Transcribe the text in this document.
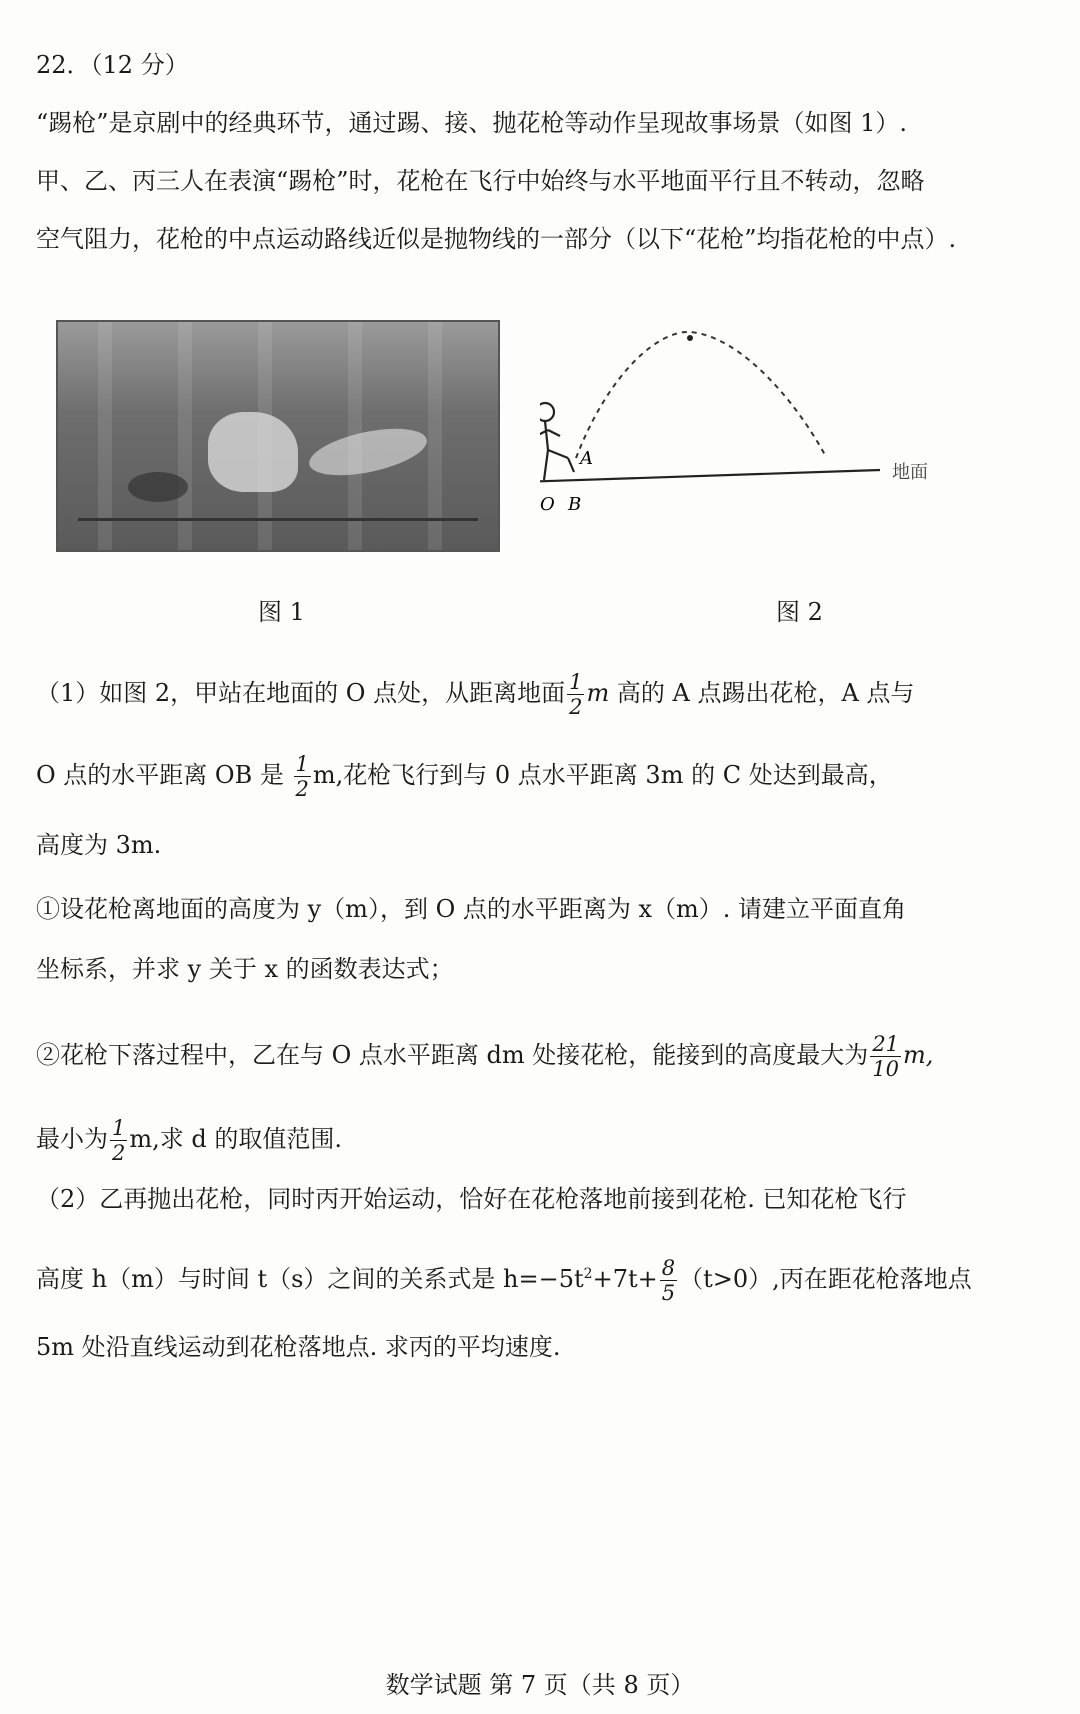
22．（12 分）
“踢枪”是京剧中的经典环节，通过踢、接、抛花枪等动作呈现故事场景（如图 1）.
甲、乙、丙三人在表演“踢枪”时，花枪在飞行中始终与水平地面平行且不转动，忽略
空气阻力，花枪的中点运动路线近似是抛物线的一部分（以下“花枪”均指花枪的中点）.
A
O B
地面
图 1	图 2
（1）如图 2，甲站在地面的 O 点处，从距离地面 $\frac{1}{2}$ m 高的 A 点踢出花枪，A 点与
O 点的水平距离 OB 是 $\frac{1}{2} m$,花枪飞行到与 0 点水平距离 3m 的 C 处达到最高，
高度为 3m.
①设花枪离地面的高度为 y（m），到 O 点的水平距离为 x（m）. 请建立平面直角
坐标系，并求 y 关于 x 的函数表达式；
②花枪下落过程中，乙在与 O 点水平距离 dm 处接花枪，能接到的高度最大为 $\frac{21}{10} m$,
最小为 $\frac{1}{2} m$,求 d 的取值范围.
（2）乙再抛出花枪，同时丙开始运动，恰好在花枪落地前接到花枪. 已知花枪飞行
高度 h（m）与时间 t（s）之间的关系式是 $h=-5t^2+7t+ \frac{8}{5} (t>0)$,丙在距花枪落地点
5m 处沿直线运动到花枪落地点. 求丙的平均速度.
数学试题 第 7 页（共 8 页）
